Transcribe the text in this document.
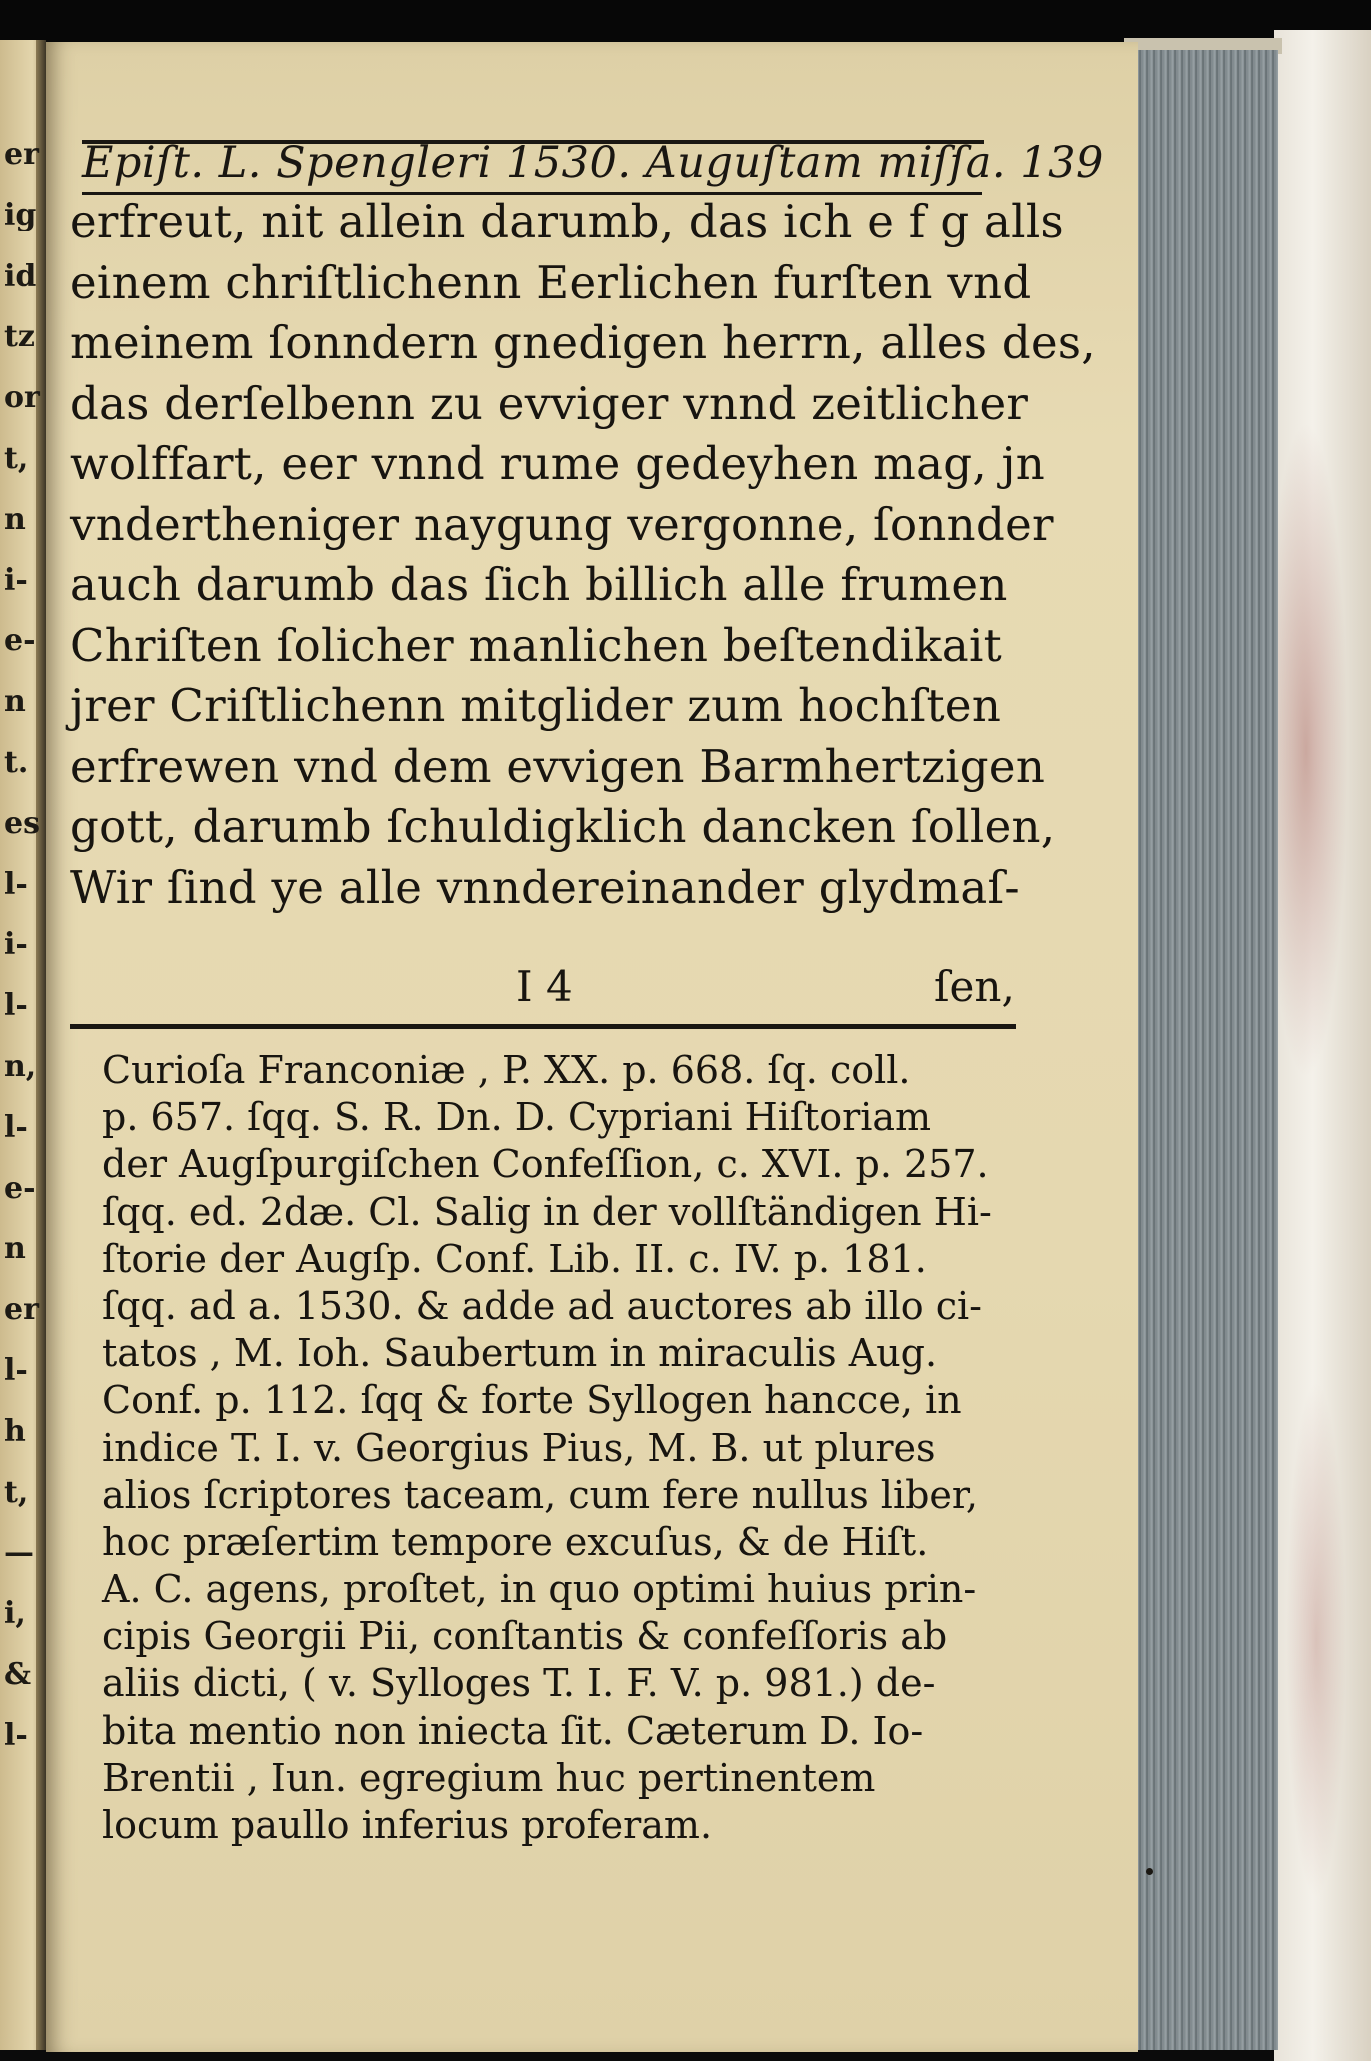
er
ig
id
tz
or
t,
n
i-
e-
n
t.
es
l-
i-
l-
n,
l-
e-
n
er
l-
h
t,
—
i,
&
l-
Epiſt. L. Spengleri 1530. Auguſtam miſſa. 139
erfreut, nit allein darumb, das ich e f g alls
einem chriſtlichenn Eerlichen furſten vnd
meinem ſonndern gnedigen herrn, alles des,
das derſelbenn zu evviger vnnd zeitlicher
wolffart, eer vnnd rume gedeyhen mag, jn
vndertheniger naygung vergonne, ſonnder
auch darumb das ſich billich alle frumen
Chriſten ſolicher manlichen beſtendikait
jrer Criſtlichenn mitglider zum hochſten
erfrewen vnd dem evvigen Barmhertzigen
gott, darumb ſchuldigklich dancken ſollen,
Wir ſind ye alle vnndereinander glydmaſ-
I 4	ſen,
Curioſa Franconiæ , P. XX. p. 668. ſq. coll.
p. 657. ſqq. S. R. Dn. D. Cypriani Hiſtoriam
der Augſpurgiſchen Confeſſion, c. XVI. p. 257.
ſqq. ed. 2dæ. Cl. Salig in der vollſtändigen Hi-
ſtorie der Augſp. Conf. Lib. II. c. IV. p. 181.
ſqq. ad a. 1530. & adde ad auctores ab illo ci-
tatos , M. Ioh. Saubertum in miraculis Aug.
Conf. p. 112. ſqq & forte Syllogen hancce, in
indice T. I. v. Georgius Pius, M. B. ut plures
alios ſcriptores taceam, cum fere nullus liber,
hoc præſertim tempore excuſus, & de Hiſt.
A. C. agens, proſtet, in quo optimi huius prin-
cipis Georgii Pii, conſtantis & confeſſoris ab
aliis dicti, ( v. Sylloges T. I. F. V. p. 981.) de-
bita mentio non iniecta ſit. Cæterum D. Io-
Brentii , Iun. egregium huc pertinentem
locum paullo inferius proferam.
